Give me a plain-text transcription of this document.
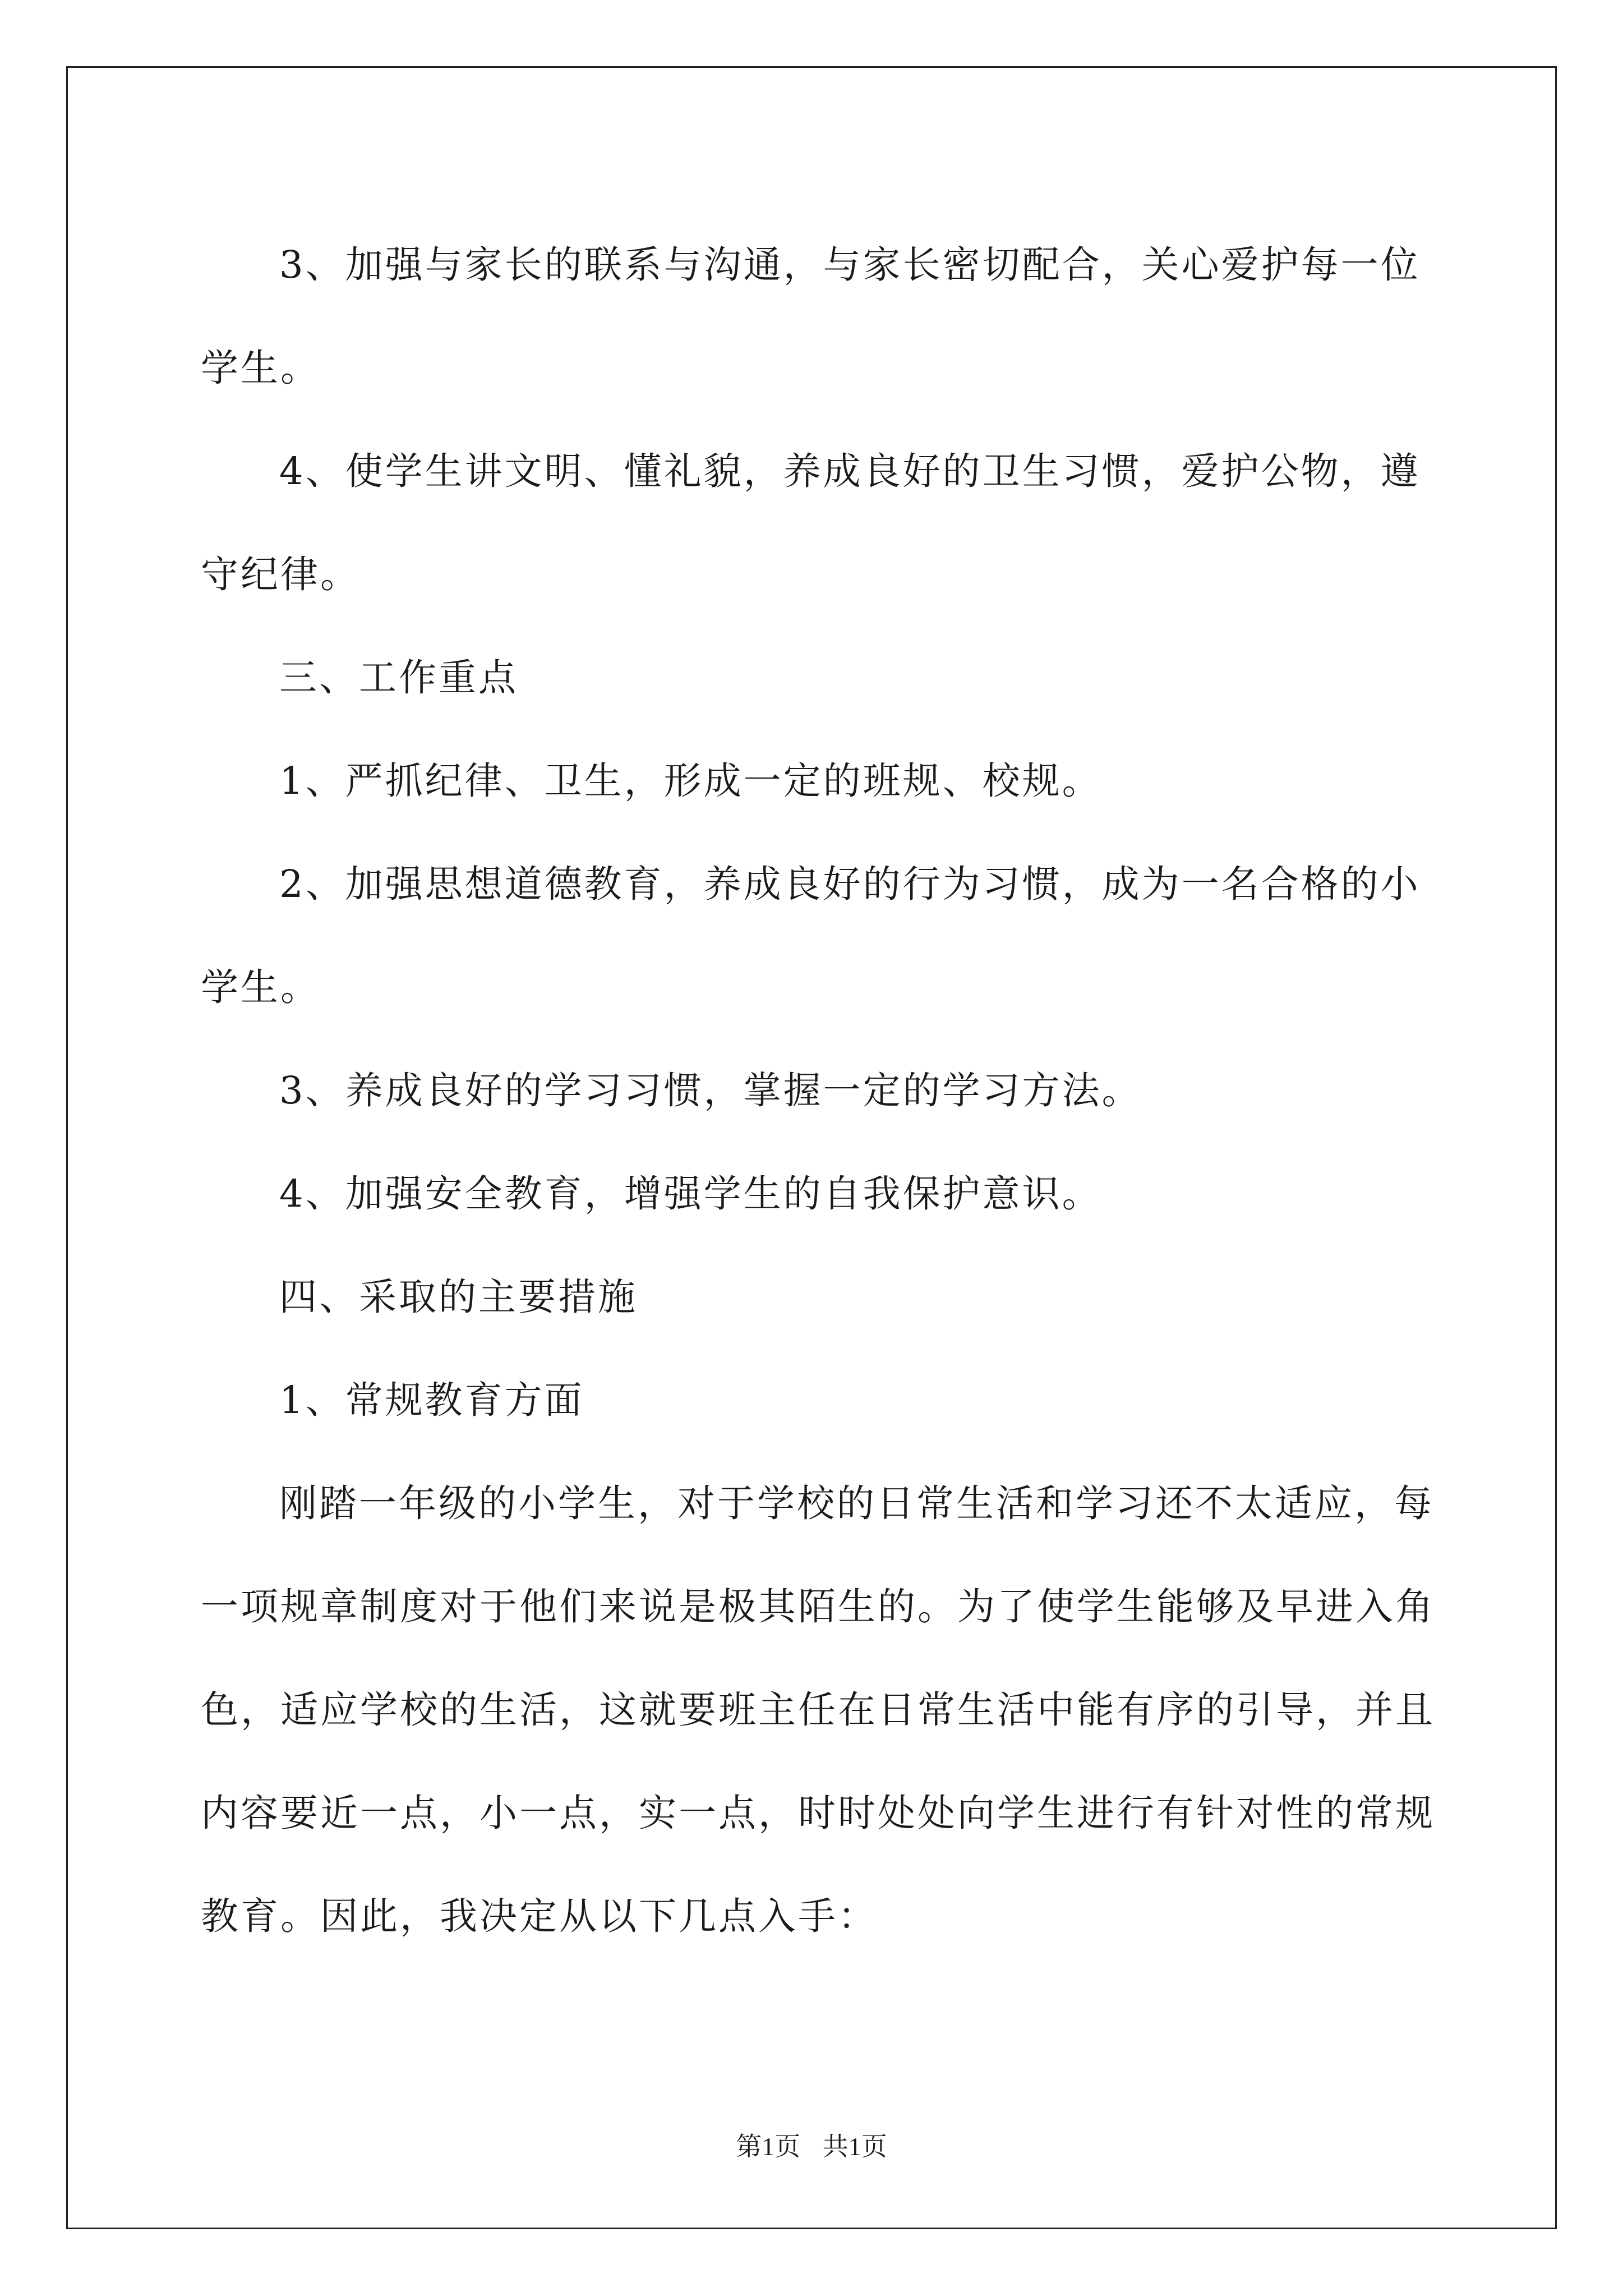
3、加强与家长的联系与沟通，与家长密切配合，关心爱护每一位学生。

4、使学生讲文明、懂礼貌，养成良好的卫生习惯，爱护公物，遵守纪律。

三、工作重点

1、严抓纪律、卫生，形成一定的班规、校规。

2、加强思想道德教育，养成良好的行为习惯，成为一名合格的小学生。

3、养成良好的学习习惯，掌握一定的学习方法。

4、加强安全教育，增强学生的自我保护意识。

四、采取的主要措施

1、常规教育方面

刚踏一年级的小学生，对于学校的日常生活和学习还不太适应，每一项规章制度对于他们来说是极其陌生的。为了使学生能够及早进入角色，适应学校的生活，这就要班主任在日常生活中能有序的引导，并且内容要近一点，小一点，实一点，时时处处向学生进行有针对性的常规教育。因此，我决定从以下几点入手：

第1页 共1页
